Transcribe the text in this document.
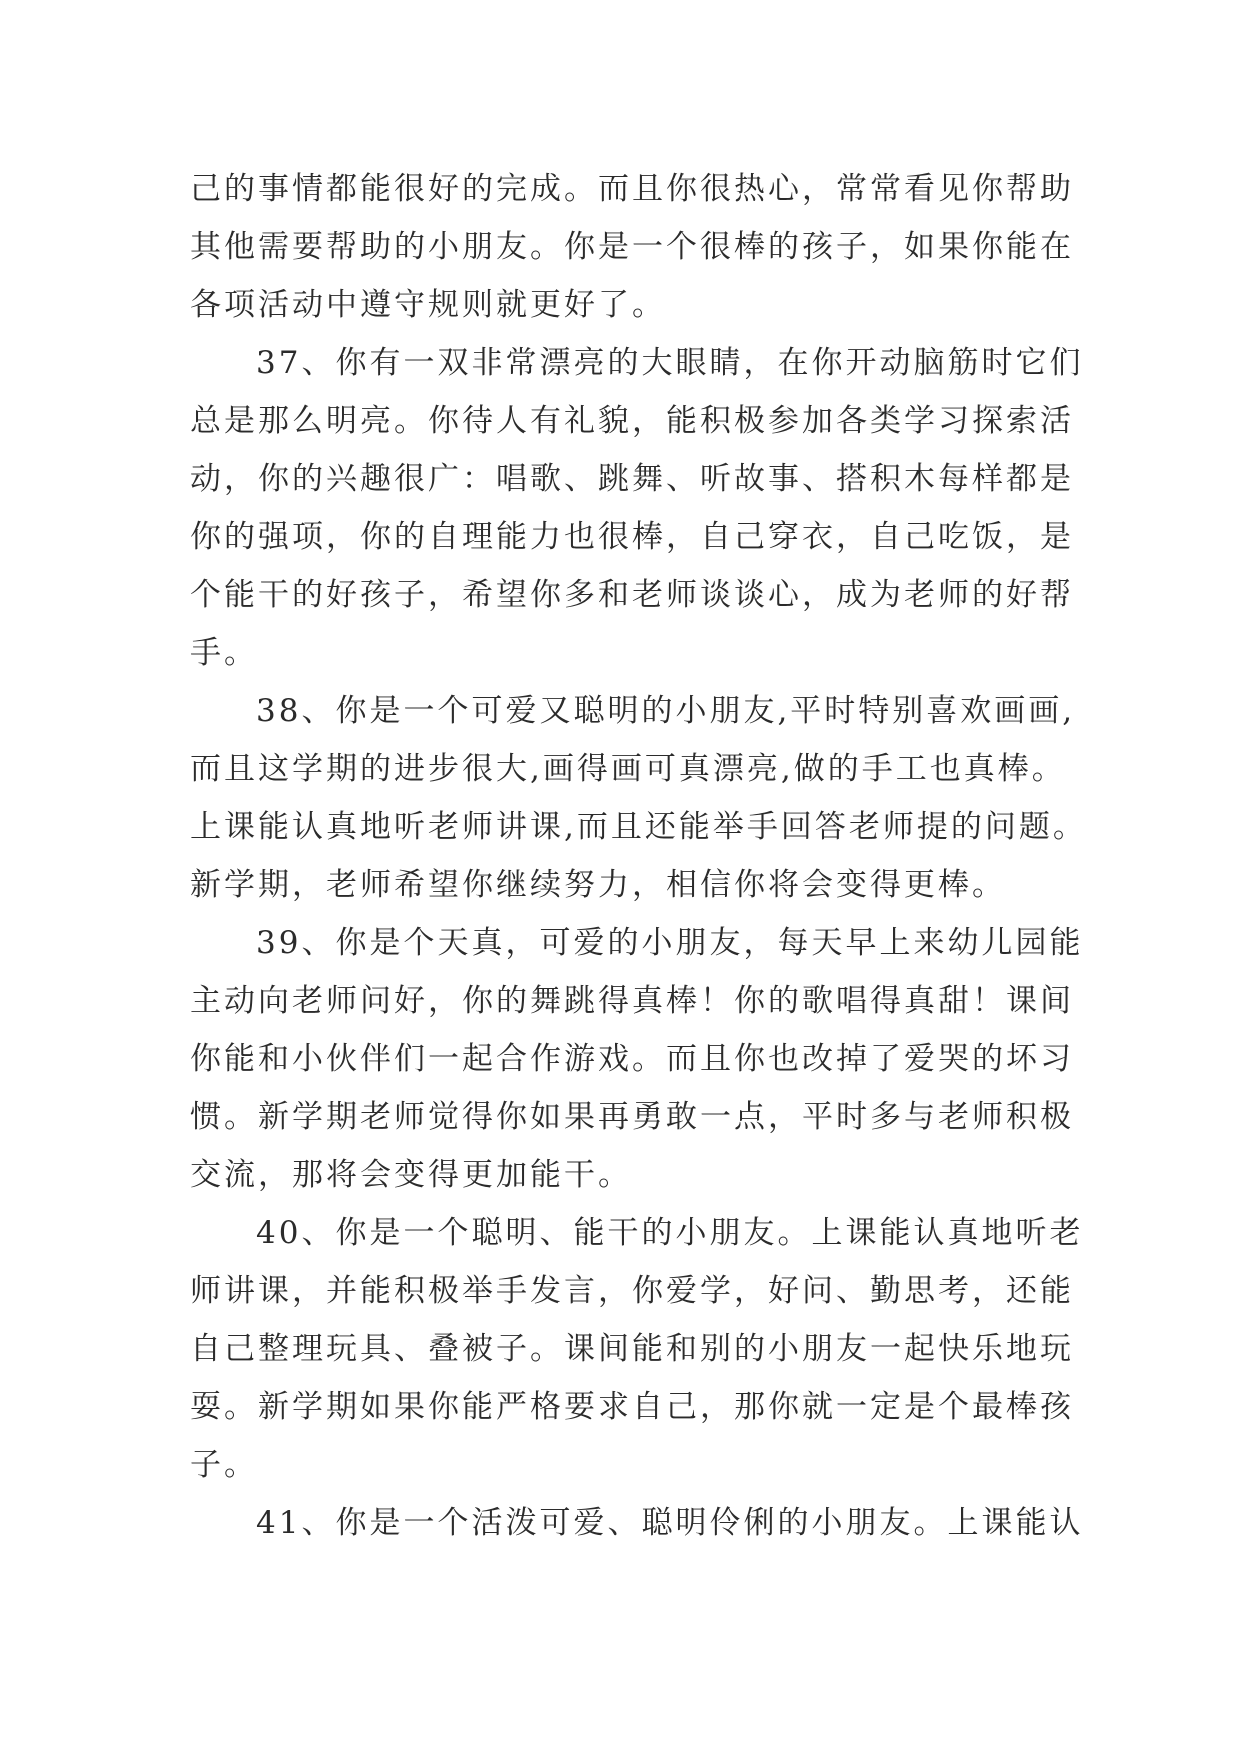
己的事情都能很好的完成。而且你很热心，常常看见你帮助
其他需要帮助的小朋友。你是一个很棒的孩子，如果你能在
各项活动中遵守规则就更好了。
37、你有一双非常漂亮的大眼睛，在你开动脑筋时它们
总是那么明亮。你待人有礼貌，能积极参加各类学习探索活
动，你的兴趣很广：唱歌、跳舞、听故事、搭积木每样都是
你的强项，你的自理能力也很棒，自己穿衣，自己吃饭，是
个能干的好孩子，希望你多和老师谈谈心，成为老师的好帮
手。
38、你是一个可爱又聪明的小朋友,平时特别喜欢画画,
而且这学期的进步很大,画得画可真漂亮,做的手工也真棒。
上课能认真地听老师讲课,而且还能举手回答老师提的问题。
新学期，老师希望你继续努力，相信你将会变得更棒。
39、你是个天真，可爱的小朋友，每天早上来幼儿园能
主动向老师问好，你的舞跳得真棒！你的歌唱得真甜！课间
你能和小伙伴们一起合作游戏。而且你也改掉了爱哭的坏习
惯。新学期老师觉得你如果再勇敢一点，平时多与老师积极
交流，那将会变得更加能干。
40、你是一个聪明、能干的小朋友。上课能认真地听老
师讲课，并能积极举手发言，你爱学，好问、勤思考，还能
自己整理玩具、叠被子。课间能和别的小朋友一起快乐地玩
耍。新学期如果你能严格要求自己，那你就一定是个最棒孩
子。
41、你是一个活泼可爱、聪明伶俐的小朋友。上课能认
